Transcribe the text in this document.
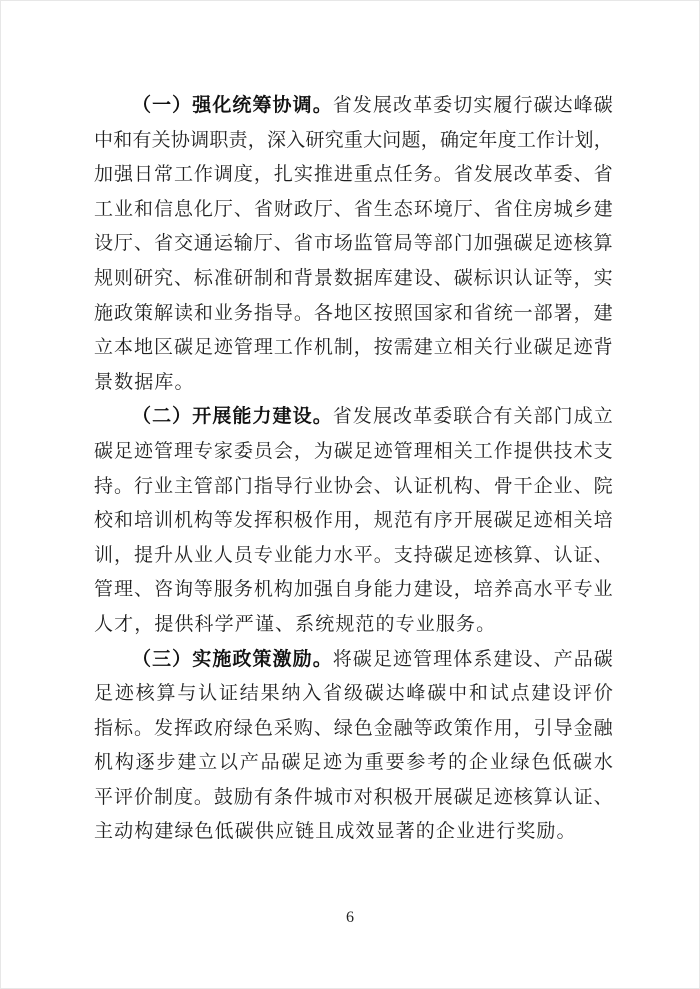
（ 一 ） 强 化 统 筹 协 调 。 省 发 展 改 革 委 切 实 履 行 碳 达 峰 碳
中 和 有 关 协 调 职 责 ， 深 入 研 究 重 大 问 题 ， 确 定 年 度 工 作 计 划 ，
加 强 日 常 工 作 调 度 ， 扎 实 推 进 重 点 任 务 。 省 发 展 改 革 委 、 省
工 业 和 信 息 化 厅 、 省 财 政 厅 、 省 生 态 环 境 厅 、 省 住 房 城 乡 建
设 厅 、 省 交 通 运 输 厅 、 省 市 场 监 管 局 等 部 门 加 强 碳 足 迹 核 算
规 则 研 究 、 标 准 研 制 和 背 景 数 据 库 建 设 、 碳 标 识 认 证 等 ， 实
施 政 策 解 读 和 业 务 指 导 。 各 地 区 按 照 国 家 和 省 统 一 部 署 ， 建
立 本 地 区 碳 足 迹 管 理 工 作 机 制 ， 按 需 建 立 相 关 行 业 碳 足 迹 背
景 数 据 库 。
（ 二 ） 开 展 能 力 建 设 。 省 发 展 改 革 委 联 合 有 关 部 门 成 立
碳 足 迹 管 理 专 家 委 员 会 ， 为 碳 足 迹 管 理 相 关 工 作 提 供 技 术 支
持 。 行 业 主 管 部 门 指 导 行 业 协 会 、 认 证 机 构 、 骨 干 企 业 、 院
校 和 培 训 机 构 等 发 挥 积 极 作 用 ， 规 范 有 序 开 展 碳 足 迹 相 关 培
训 ， 提 升 从 业 人 员 专 业 能 力 水 平 。 支 持 碳 足 迹 核 算 、 认 证 、
管 理 、 咨 询 等 服 务 机 构 加 强 自 身 能 力 建 设 ， 培 养 高 水 平 专 业
人 才 ， 提 供 科 学 严 谨 、 系 统 规 范 的 专 业 服 务 。
（ 三 ） 实 施 政 策 激 励 。 将 碳 足 迹 管 理 体 系 建 设 、 产 品 碳
足 迹 核 算 与 认 证 结 果 纳 入 省 级 碳 达 峰 碳 中 和 试 点 建 设 评 价
指 标 。 发 挥 政 府 绿 色 采 购 、 绿 色 金 融 等 政 策 作 用 ， 引 导 金 融
机 构 逐 步 建 立 以 产 品 碳 足 迹 为 重 要 参 考 的 企 业 绿 色 低 碳 水
平 评 价 制 度 。 鼓 励 有 条 件 城 市 对 积 极 开 展 碳 足 迹 核 算 认 证 、
主 动 构 建 绿 色 低 碳 供 应 链 且 成 效 显 著 的 企 业 进 行 奖 励 。
6
